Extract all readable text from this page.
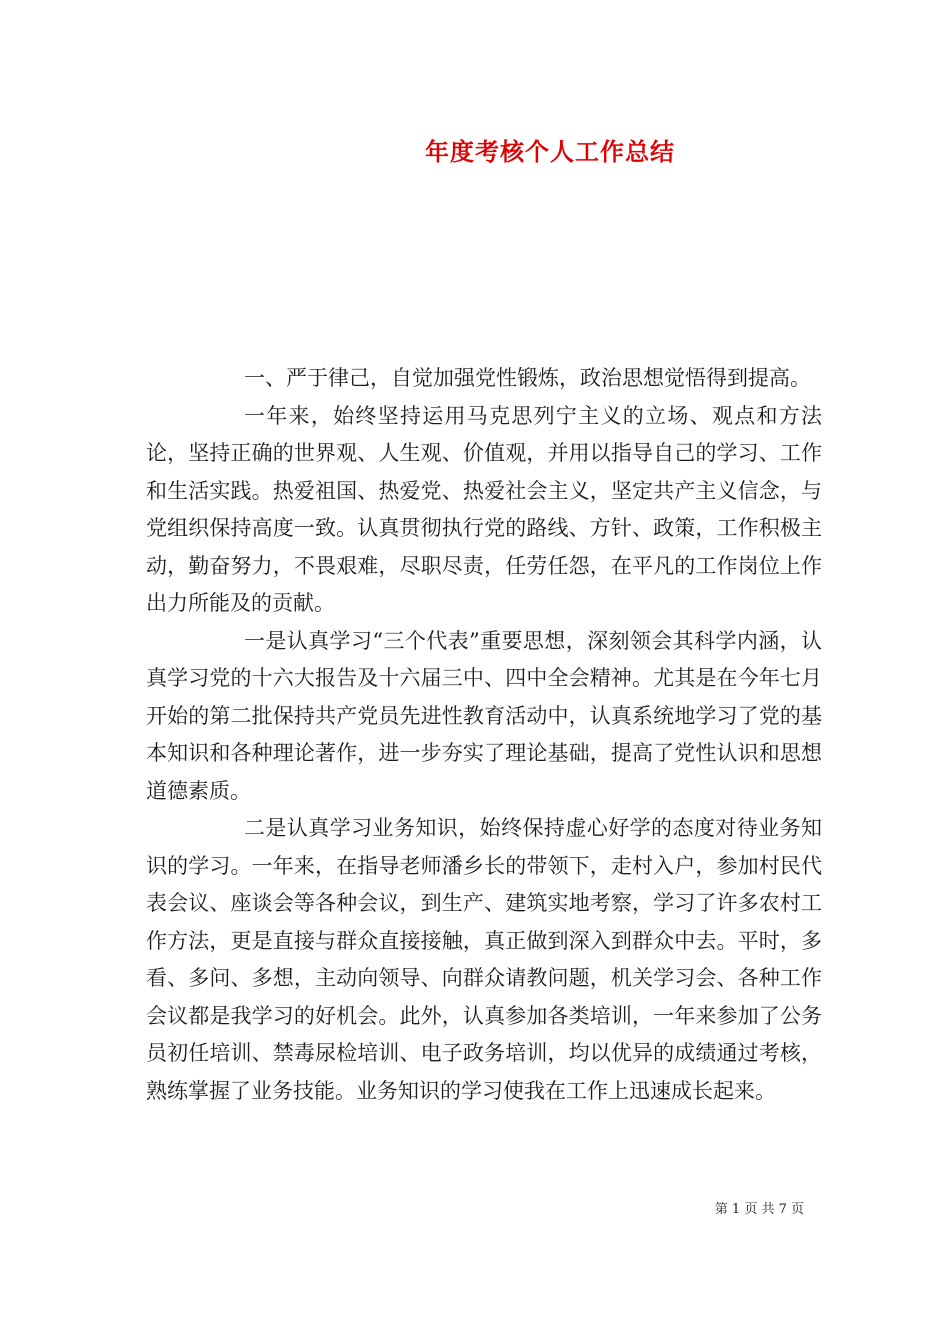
年度考核个人工作总结

一、严于律己，自觉加强党性锻炼，政治思想觉悟得到提高。

一年来，始终坚持运用马克思列宁主义的立场、观点和方法论，坚持正确的世界观、人生观、价值观，并用以指导自己的学习、工作和生活实践。热爱祖国、热爱党、热爱社会主义，坚定共产主义信念，与党组织保持高度一致。认真贯彻执行党的路线、方针、政策，工作积极主动，勤奋努力，不畏艰难，尽职尽责，任劳任怨，在平凡的工作岗位上作出力所能及的贡献。

一是认真学习“三个代表”重要思想，深刻领会其科学内涵，认真学习党的十六大报告及十六届三中、四中全会精神。尤其是在今年七月开始的第二批保持共产党员先进性教育活动中，认真系统地学习了党的基本知识和各种理论著作，进一步夯实了理论基础，提高了党性认识和思想道德素质。

二是认真学习业务知识，始终保持虚心好学的态度对待业务知识的学习。一年来，在指导老师潘乡长的带领下，走村入户，参加村民代表会议、座谈会等各种会议，到生产、建筑实地考察，学习了许多农村工作方法，更是直接与群众直接接触，真正做到深入到群众中去。平时，多看、多问、多想，主动向领导、向群众请教问题，机关学习会、各种工作会议都是我学习的好机会。此外，认真参加各类培训，一年来参加了公务员初任培训、禁毒尿检培训、电子政务培训，均以优异的成绩通过考核，熟练掌握了业务技能。业务知识的学习使我在工作上迅速成长起来。

第 1 页 共 7 页
